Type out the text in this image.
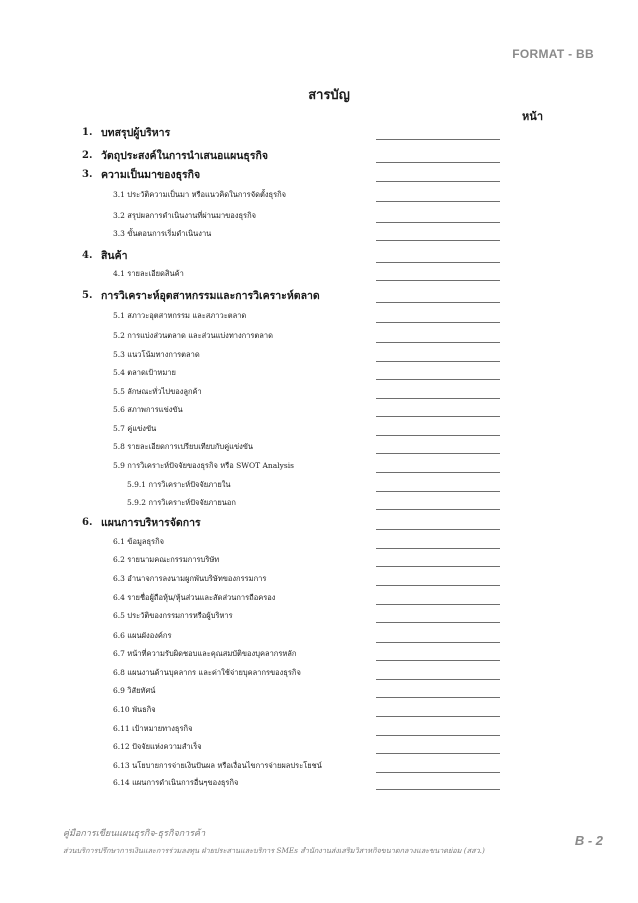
FORMAT - BB
สารบัญ
หน้า
1. บทสรุปผู้บริหาร
2. วัตถุประสงค์ในการนำเสนอแผนธุรกิจ
3. ความเป็นมาของธุรกิจ
3.1 ประวัติความเป็นมา หรือแนวคิดในการจัดตั้งธุรกิจ
3.2 สรุปผลการดำเนินงานที่ผ่านมาของธุรกิจ
3.3 ขั้นตอนการเริ่มดำเนินงาน
4. สินค้า
4.1 รายละเอียดสินค้า
5. การวิเคราะห์อุตสาหกรรมและการวิเคราะห์ตลาด
5.1 สภาวะอุตสาหกรรม และสภาวะตลาด
5.2 การแบ่งส่วนตลาด และส่วนแบ่งทางการตลาด
5.3 แนวโน้มทางการตลาด
5.4 ตลาดเป้าหมาย
5.5 ลักษณะทั่วไปของลูกค้า
5.6 สภาพการแข่งขัน
5.7 คู่แข่งขัน
5.8 รายละเอียดการเปรียบเทียบกับคู่แข่งขัน
5.9 การวิเคราะห์ปัจจัยของธุรกิจ หรือ SWOT Analysis
5.9.1 การวิเคราะห์ปัจจัยภายใน
5.9.2 การวิเคราะห์ปัจจัยภายนอก
6. แผนการบริหารจัดการ
6.1 ข้อมูลธุรกิจ
6.2 รายนามคณะกรรมการบริษัท
6.3 อำนาจการลงนามผูกพันบริษัทของกรรมการ
6.4 รายชื่อผู้ถือหุ้น/หุ้นส่วนและสัดส่วนการถือครอง
6.5 ประวัติของกรรมการหรือผู้บริหาร
6.6 แผนผังองค์กร
6.7 หน้าที่ความรับผิดชอบและคุณสมบัติของบุคลากรหลัก
6.8 แผนงานด้านบุคลากร และค่าใช้จ่ายบุคลากรของธุรกิจ
6.9 วิสัยทัศน์
6.10 พันธกิจ
6.11 เป้าหมายทางธุรกิจ
6.12 ปัจจัยแห่งความสำเร็จ
6.13 นโยบายการจ่ายเงินปันผล หรือเงื่อนไขการจ่ายผลประโยชน์
6.14 แผนการดำเนินการอื่นๆของธุรกิจ
คู่มือการเขียนแผนธุรกิจ-ธุรกิจการค้า
ส่วนบริการปรึกษาการเงินและการร่วมลงทุน ฝ่ายประสานและบริการ SMEs สำนักงานส่งเสริมวิสาหกิจขนาดกลางและขนาดย่อม (สสว.)
B - 2
